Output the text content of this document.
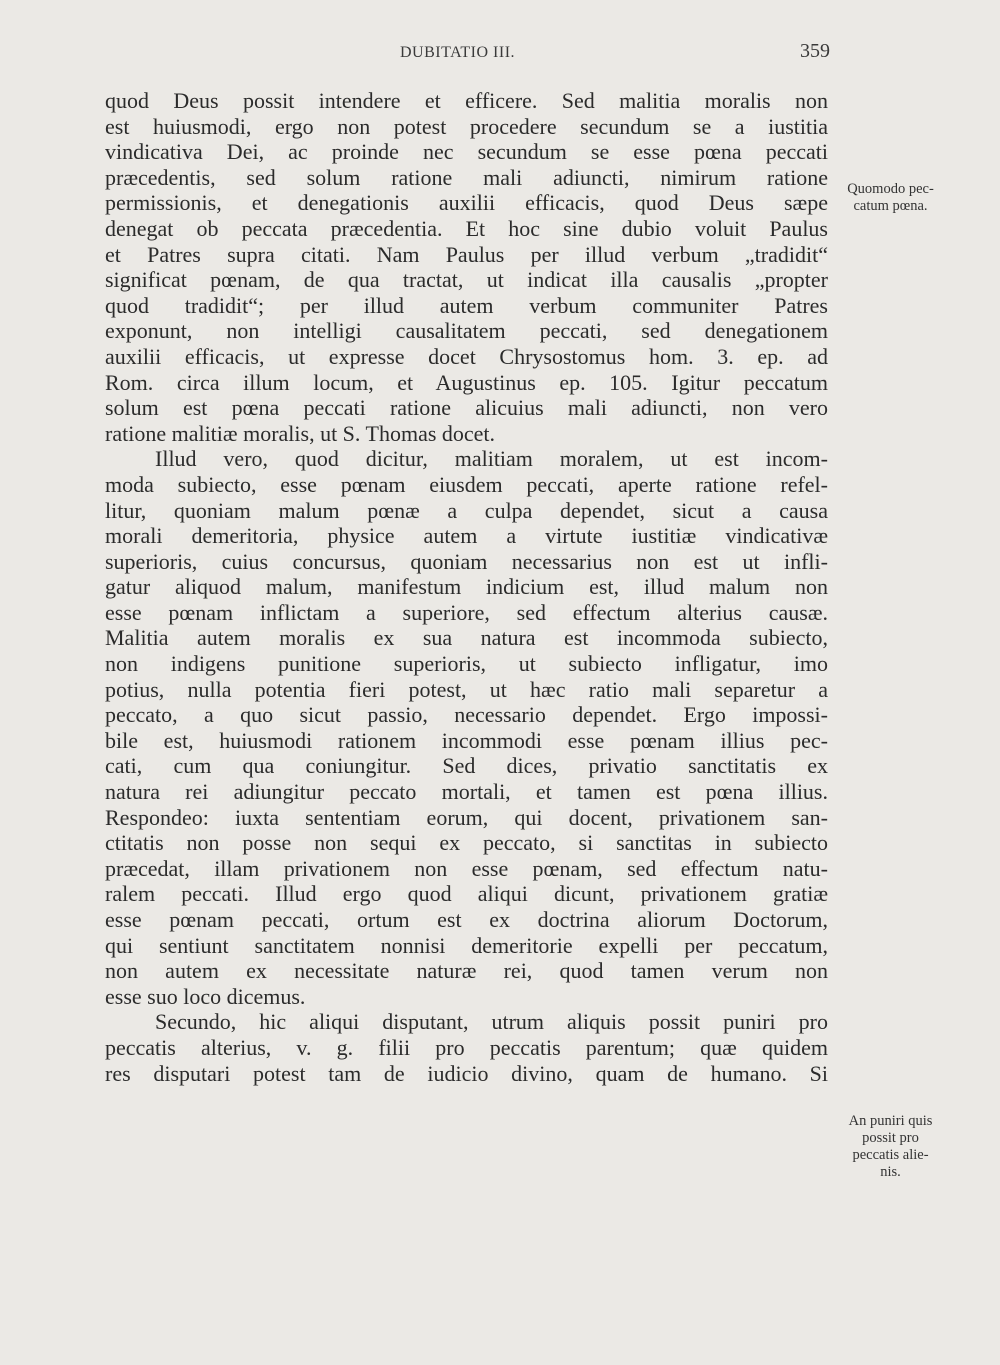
DUBITATIO III.	359
quod Deus possit intendere et efficere. Sed malitia moralis non
est huiusmodi, ergo non potest procedere secundum se a iustitia
vindicativa Dei, ac proinde nec secundum se esse pœna peccati
præcedentis, sed solum ratione mali adiuncti, nimirum ratione
permissionis, et denegationis auxilii efficacis, quod Deus sæpe
denegat ob peccata præcedentia. Et hoc sine dubio voluit Paulus
et Patres supra citati. Nam Paulus per illud verbum „tradidit“
significat pœnam, de qua tractat, ut indicat illa causalis „propter
quod tradidit“; per illud autem verbum communiter Patres
exponunt, non intelligi causalitatem peccati, sed denegationem
auxilii efficacis, ut expresse docet Chrysostomus hom. 3. ep. ad
Rom. circa illum locum, et Augustinus ep. 105. Igitur peccatum
solum est pœna peccati ratione alicuius mali adiuncti, non vero
ratione malitiæ moralis, ut S. Thomas docet.
Illud vero, quod dicitur, malitiam moralem, ut est incom-
moda subiecto, esse pœnam eiusdem peccati, aperte ratione refel-
litur, quoniam malum pœnæ a culpa dependet, sicut a causa
morali demeritoria, physice autem a virtute iustitiæ vindicativæ
superioris, cuius concursus, quoniam necessarius non est ut infli-
gatur aliquod malum, manifestum indicium est, illud malum non
esse pœnam inflictam a superiore, sed effectum alterius causæ.
Malitia autem moralis ex sua natura est incommoda subiecto,
non indigens punitione superioris, ut subiecto infligatur, imo
potius, nulla potentia fieri potest, ut hæc ratio mali separetur a
peccato, a quo sicut passio, necessario dependet. Ergo impossi-
bile est, huiusmodi rationem incommodi esse pœnam illius pec-
cati, cum qua coniungitur. Sed dices, privatio sanctitatis ex
natura rei adiungitur peccato mortali, et tamen est pœna illius.
Respondeo: iuxta sententiam eorum, qui docent, privationem san-
ctitatis non posse non sequi ex peccato, si sanctitas in subiecto
præcedat, illam privationem non esse pœnam, sed effectum natu-
ralem peccati. Illud ergo quod aliqui dicunt, privationem gratiæ
esse pœnam peccati, ortum est ex doctrina aliorum Doctorum,
qui sentiunt sanctitatem nonnisi demeritorie expelli per peccatum,
non autem ex necessitate naturæ rei, quod tamen verum non
esse suo loco dicemus.
Secundo, hic aliqui disputant, utrum aliquis possit puniri pro
peccatis alterius, v. g. filii pro peccatis parentum; quæ quidem
res disputari potest tam de iudicio divino, quam de humano. Si
Quomodo pec-
catum pœna.
An puniri quis
possit pro
peccatis alie-
nis.
